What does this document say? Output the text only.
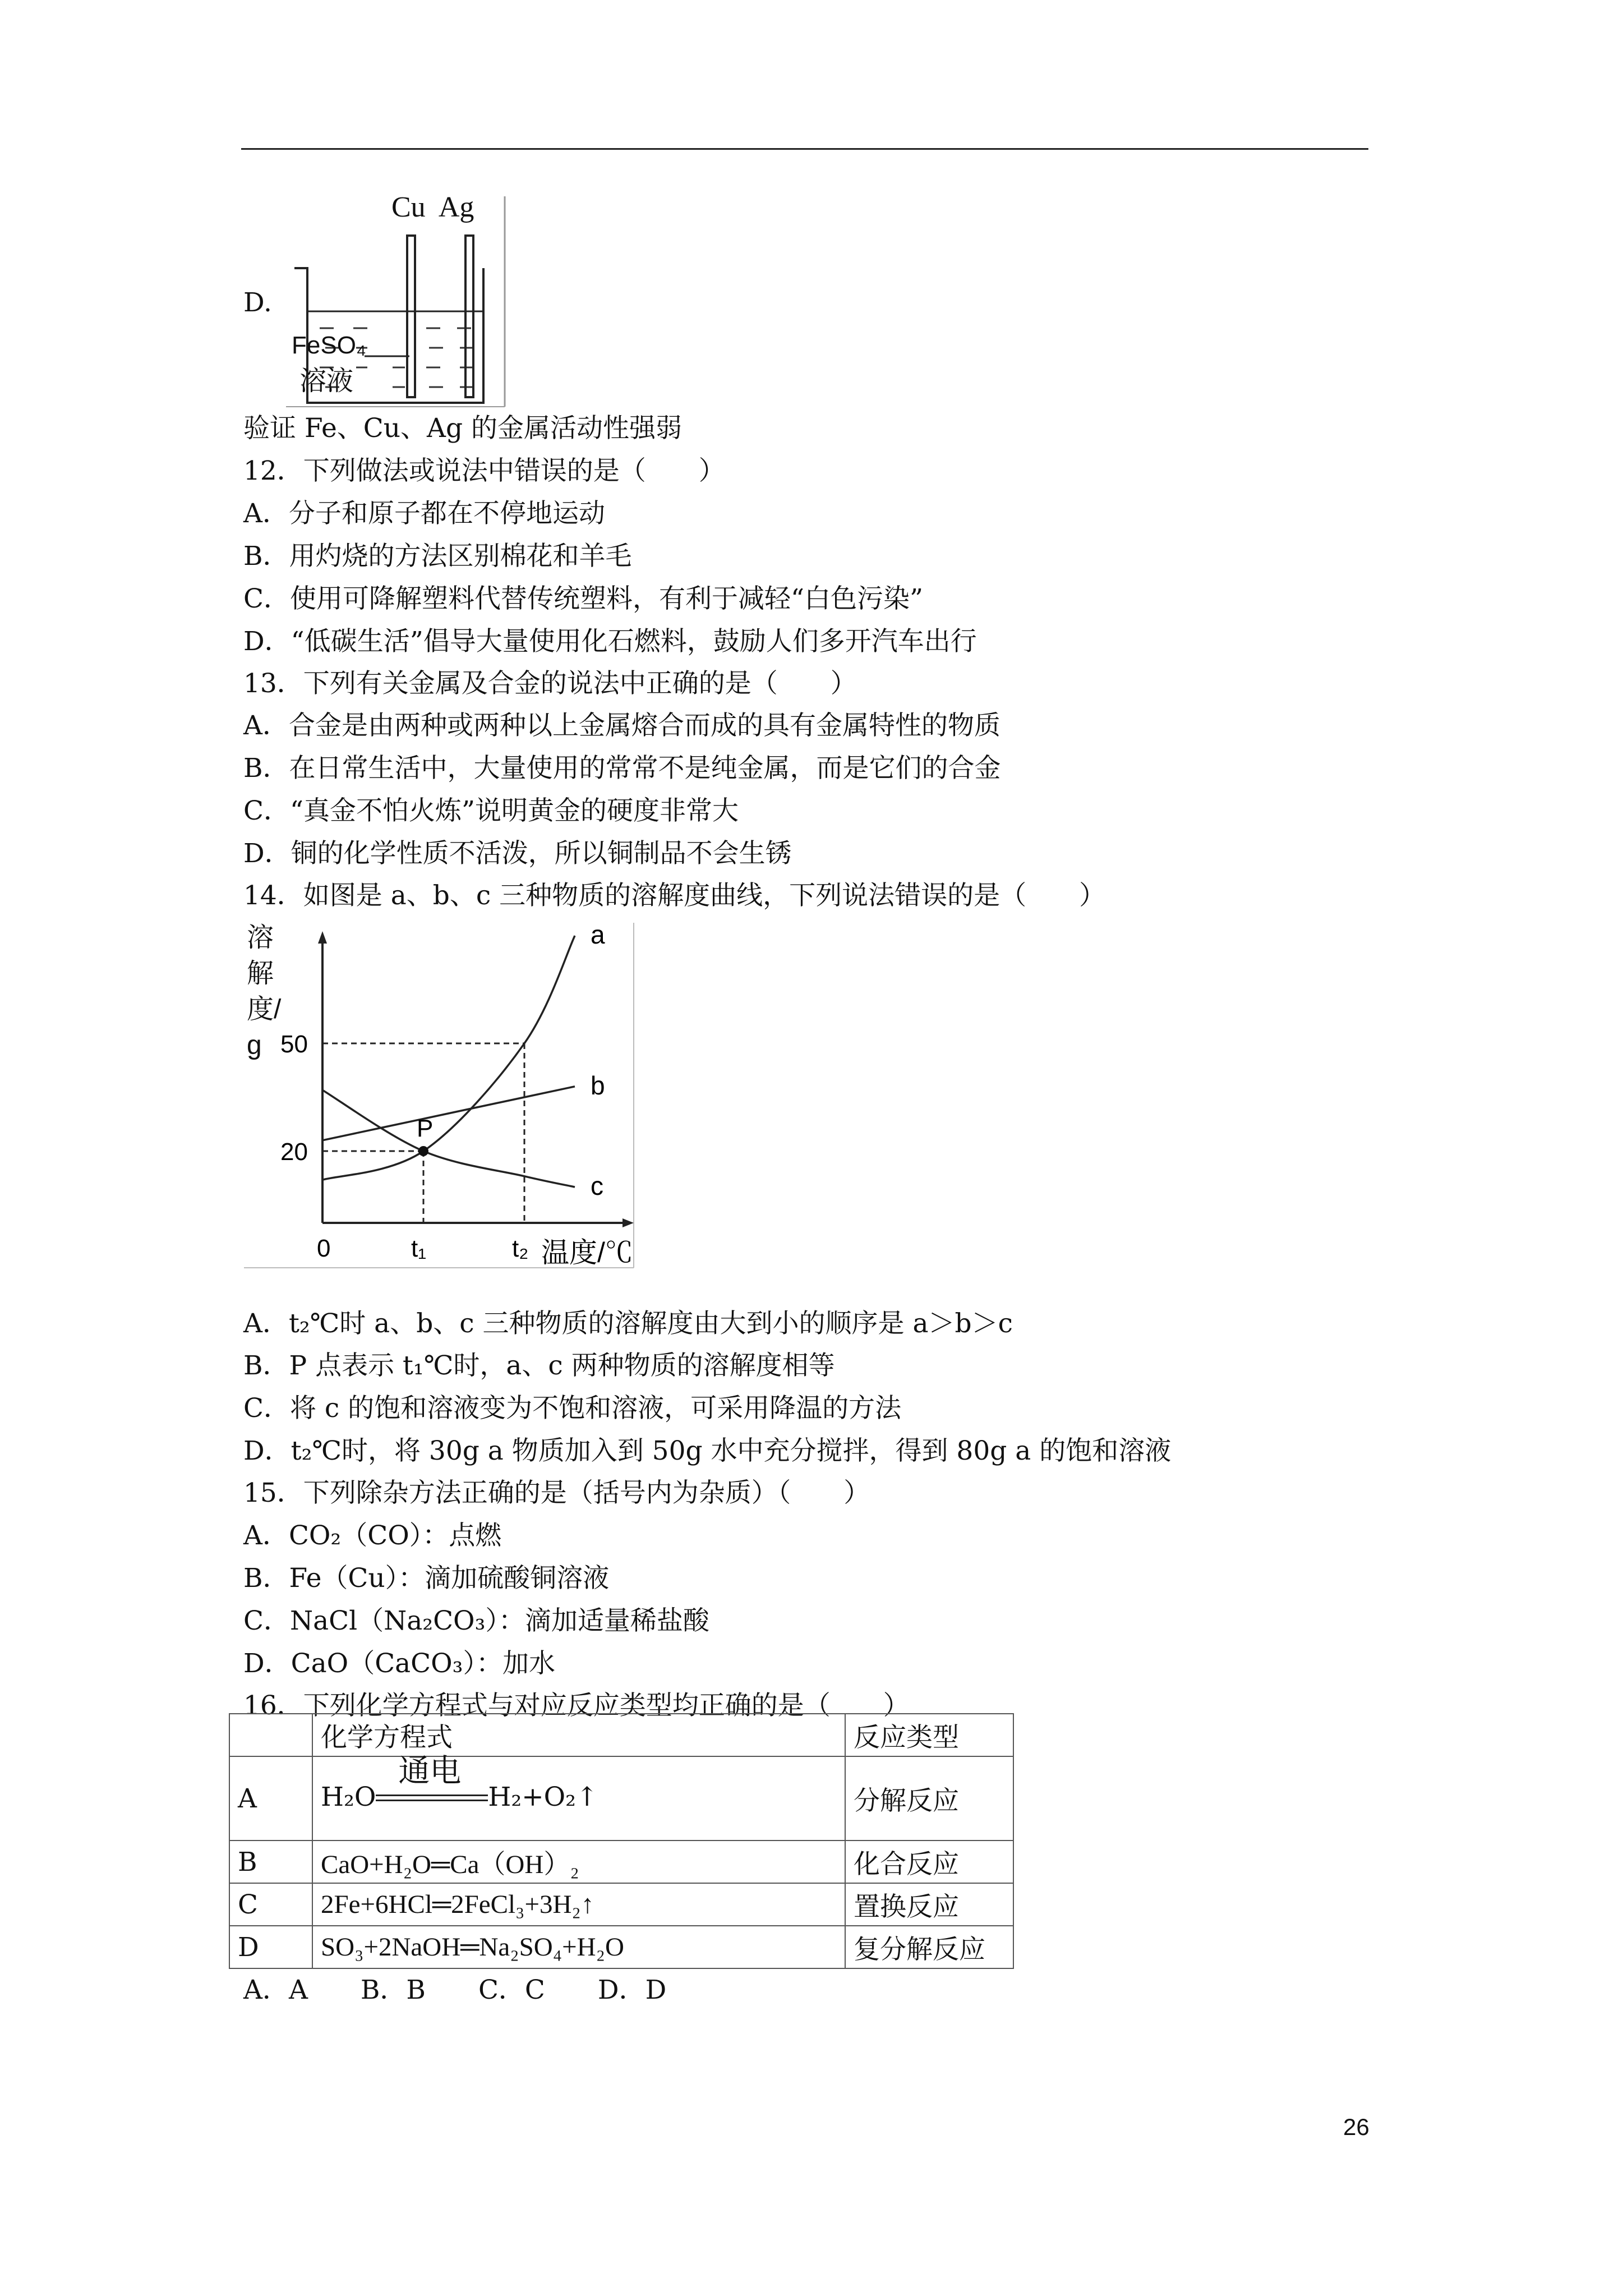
D.
Cu  Ag
FeSO₄
溶液
验证 Fe、Cu、Ag 的金属活动性强弱
12．下列做法或说法中错误的是（　　）
A．分子和原子都在不停地运动
B．用灼烧的方法区别棉花和羊毛
C．使用可降解塑料代替传统塑料，有利于减轻“白色污染”
D．“低碳生活”倡导大量使用化石燃料，鼓励人们多开汽车出行
13．下列有关金属及合金的说法中正确的是（　　）
A．合金是由两种或两种以上金属熔合而成的具有金属特性的物质
B．在日常生活中，大量使用的常常不是纯金属，而是它们的合金
C．“真金不怕火炼”说明黄金的硬度非常大
D．铜的化学性质不活泼，所以铜制品不会生锈
14．如图是 a、b、c 三种物质的溶解度曲线，下列说法错误的是（　　）
a
b
c
P
20
50
0	t₁	t₂ 温度/℃
溶解度/g
A．t₂℃时 a、b、c 三种物质的溶解度由大到小的顺序是 a＞b＞c
B．P 点表示 t₁℃时，a、c 两种物质的溶解度相等
C．将 c 的饱和溶液变为不饱和溶液，可采用降温的方法
D．t₂℃时，将 30g a 物质加入到 50g 水中充分搅拌，得到 80g a 的饱和溶液
15．下列除杂方法正确的是（括号内为杂质）（　　）
A．CO₂（CO）：点燃
B．Fe（Cu）：滴加硫酸铜溶液
C．NaCl（Na₂CO₃）：滴加适量稀盐酸
D．CaO（CaCO₃）：加水
16．下列化学方程式与对应反应类型均正确的是（　　）
	化学方程式	反应类型
A	H₂O
通电
H₂+O₂↑	分解反应
B	CaO+H₂O═Ca（OH）₂	化合反应
C	2Fe+6HCl═2FeCl₃+3H₂↑	置换反应
D	SO₃+2NaOH═Na₂SO₄+H₂O	复分解反应
A．A　　B．B　　C．C　　D．D
26
